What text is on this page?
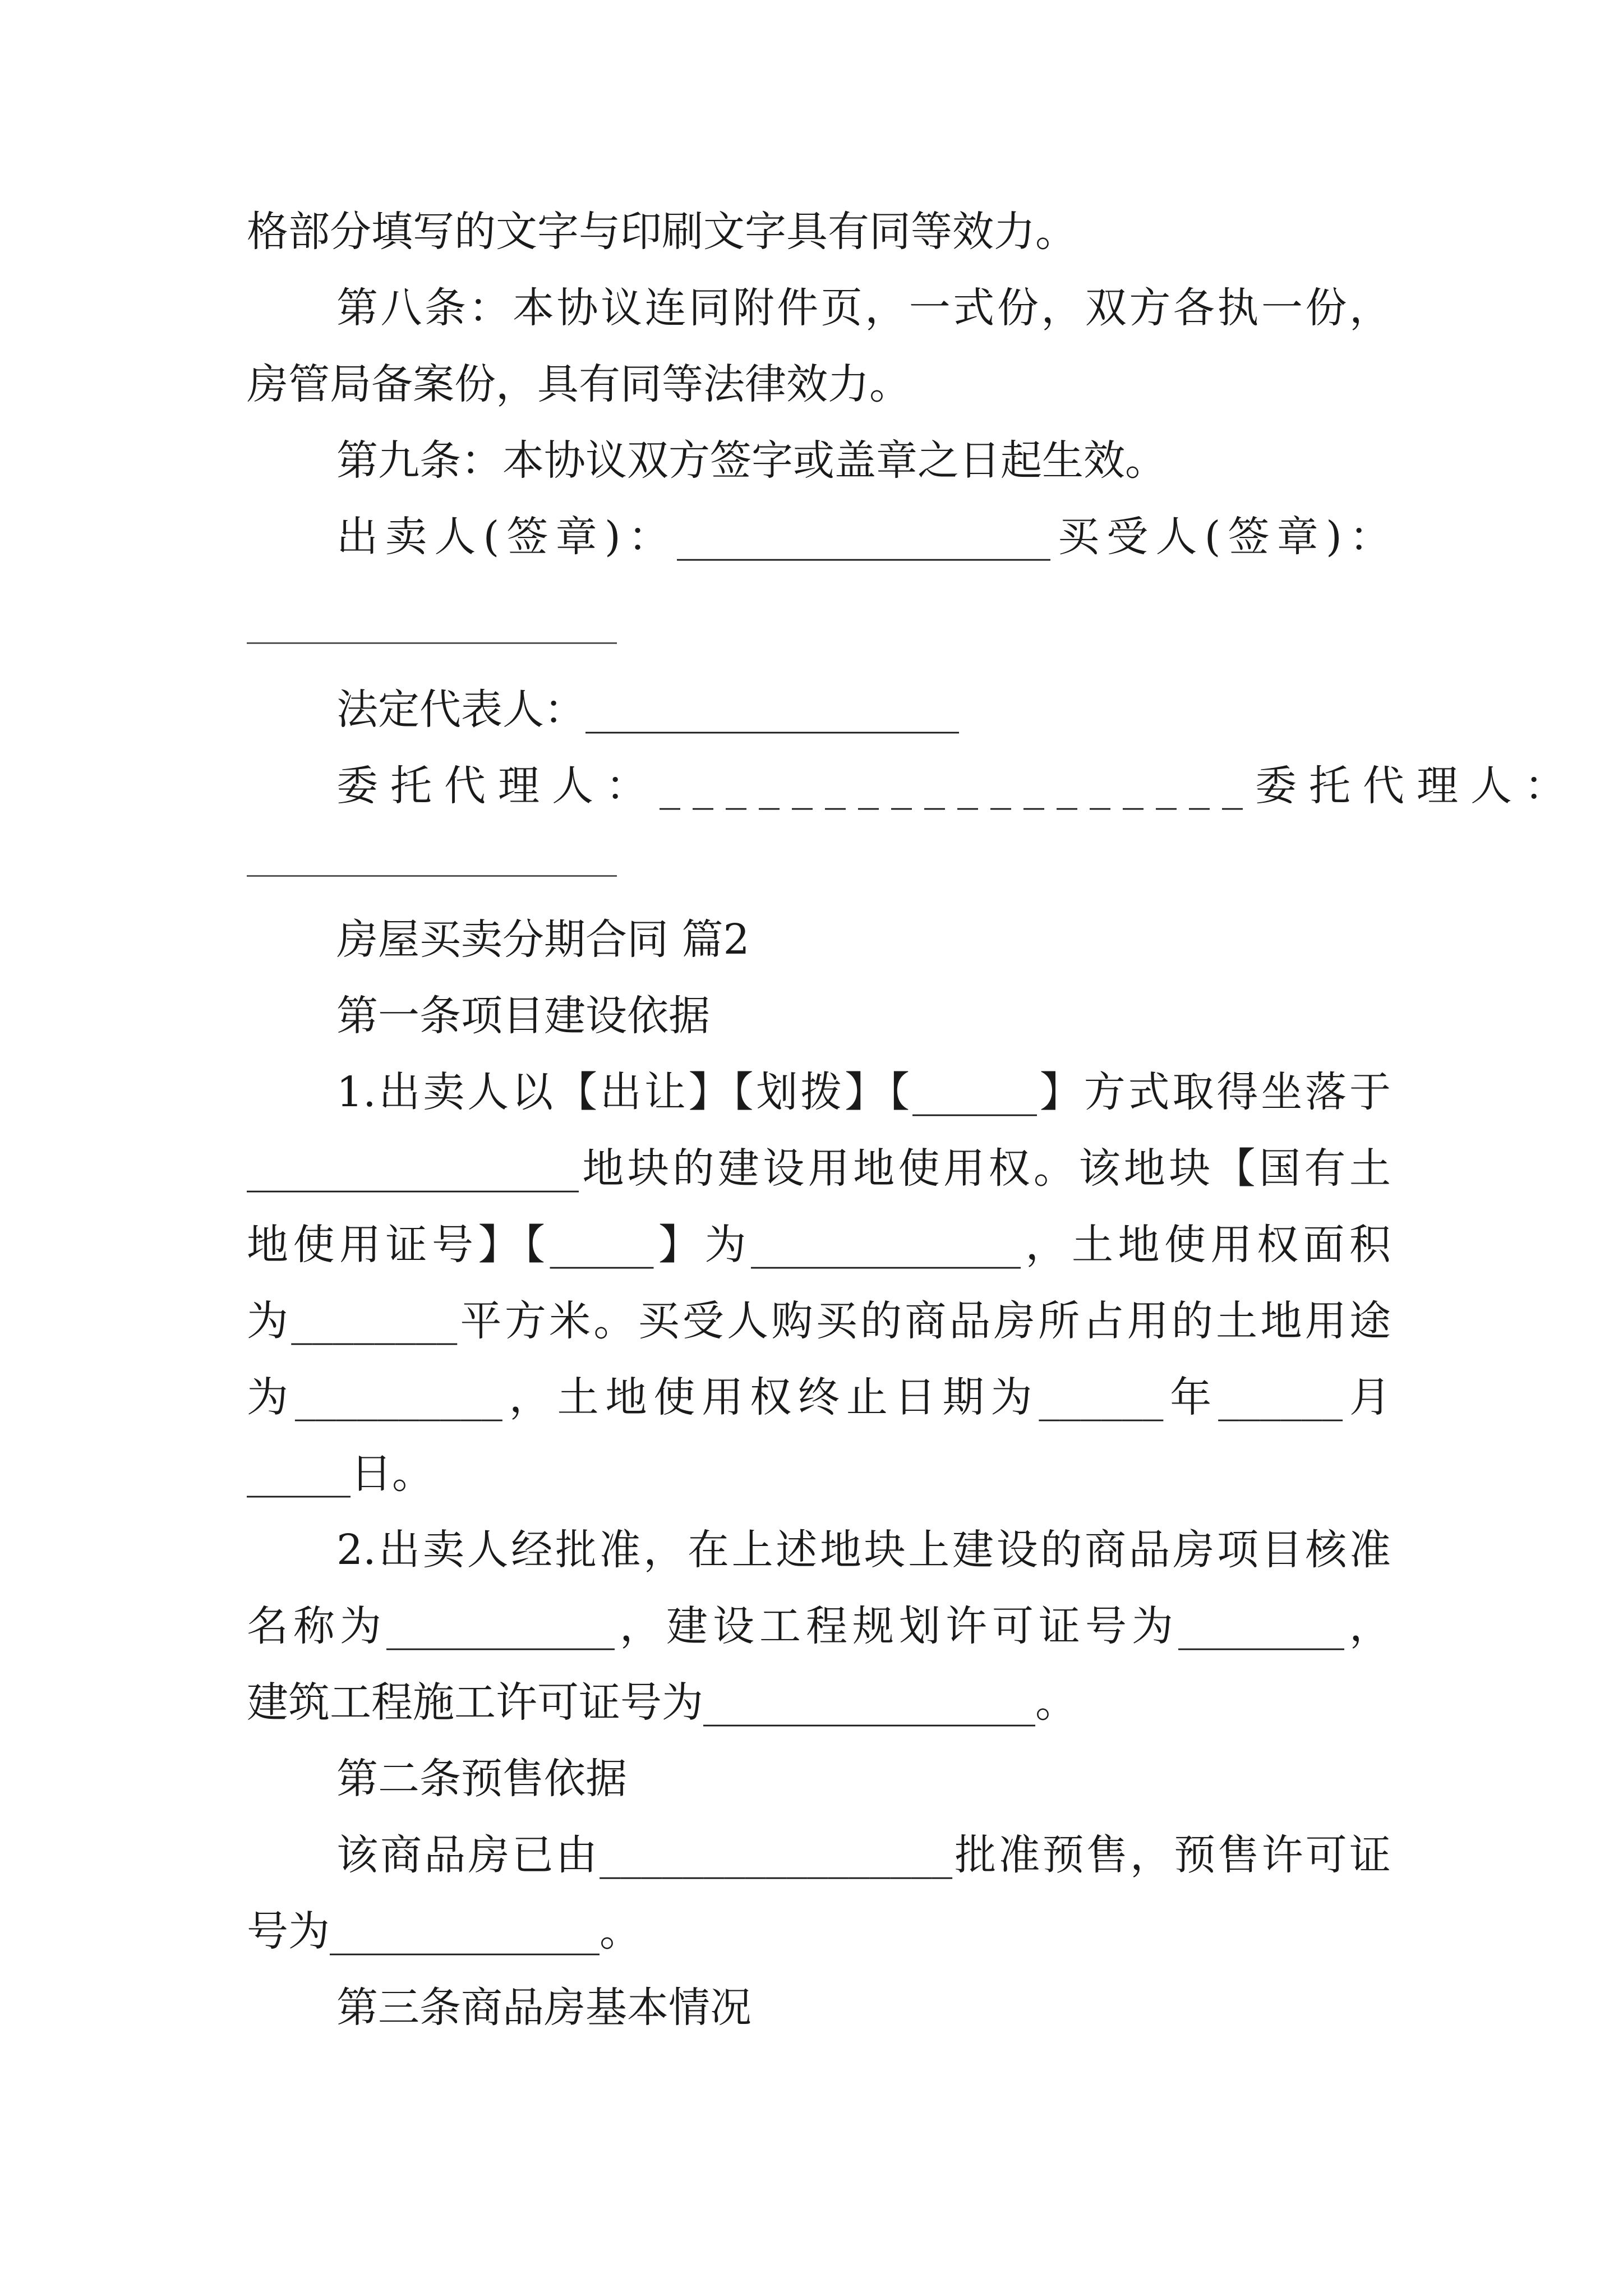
格部分填写的文字与印刷文字具有同等效力。
第八条：本协议连同附件页，一式份，双方各执一份，
房管局备案份，具有同等法律效力。
第九条：本协议双方签字或盖章之日起生效。
出卖人(签章)：__________________买受人(签章)：
法定代表人：__________________
委托代理人：__________________委托代理人：
房屋买卖分期合同 篇2
第一条项目建设依据
1.出卖人以【出让】【划拨】【______】方式取得坐落于
________________地块的建设用地使用权。该地块【国有土
地使用证号】【_____】为_____________，土地使用权面积
为________平方米。买受人购买的商品房所占用的土地用途
为__________，土地使用权终止日期为______年______月
_____日。
2.出卖人经批准，在上述地块上建设的商品房项目核准
名称为___________，建设工程规划许可证号为________，
建筑工程施工许可证号为________________。
第二条预售依据
该商品房已由_________________批准预售，预售许可证
号为_____________。
第三条商品房基本情况
